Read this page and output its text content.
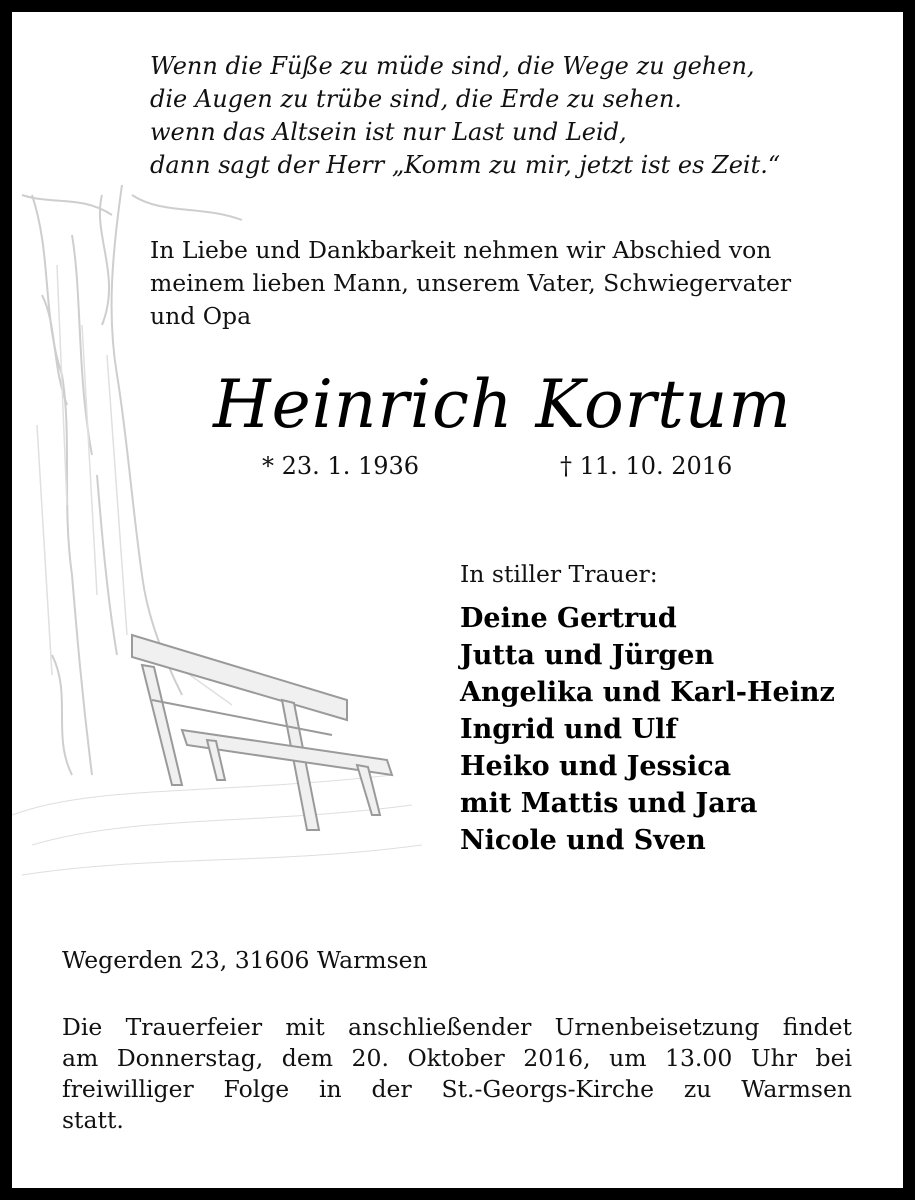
Wenn die Füße zu müde sind, die Wege zu gehen,
die Augen zu trübe sind, die Erde zu sehen.
wenn das Altsein ist nur Last und Leid,
dann sagt der Herr „Komm zu mir, jetzt ist es Zeit.“
In Liebe und Dankbarkeit nehmen wir Abschied von
meinem lieben Mann, unserem Vater, Schwiegervater
und Opa
Heinrich Kortum
* 23. 1. 1936	† 11. 10. 2016
In stiller Trauer:
Deine Gertrud
Jutta und Jürgen
Angelika und Karl-Heinz
Ingrid und Ulf
Heiko und Jessica
mit Mattis und Jara
Nicole und Sven
Wegerden 23, 31606 Warmsen
Die Trauerfeier mit anschließender Urnenbeisetzung findet
am Donnerstag, dem 20. Oktober 2016, um 13.00 Uhr bei
freiwilliger Folge in der St.-Georgs-Kirche zu Warmsen
statt.
